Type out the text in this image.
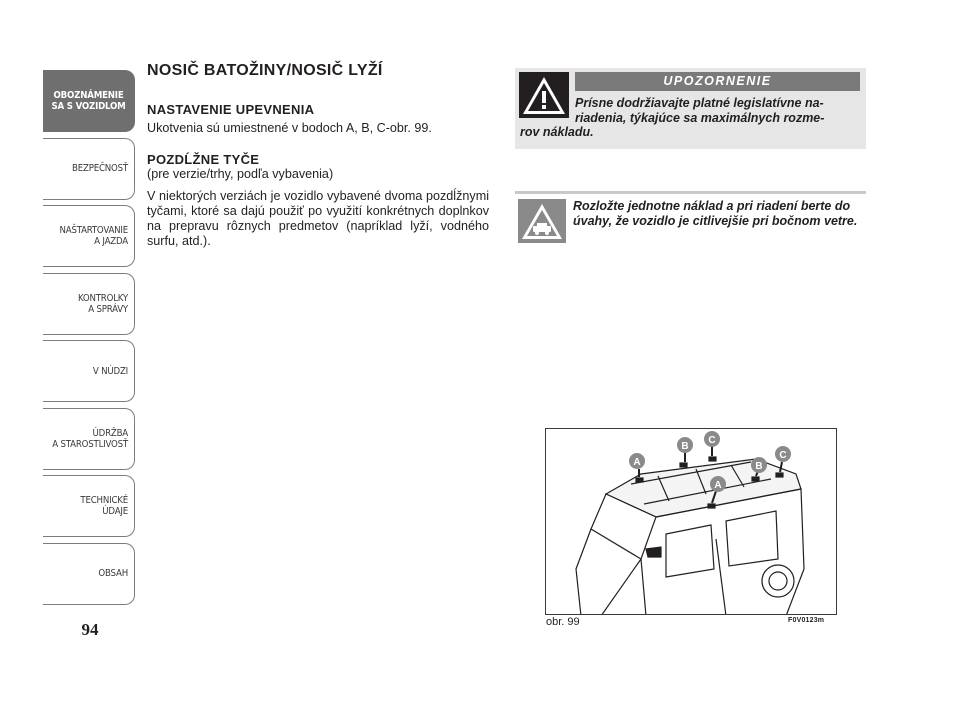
OBOZNÁMENIE
SA S VOZIDLOM
BEZPEČNOSŤ
NAŠTARTOVANIE
A JAZDA
KONTROLKY
A SPRÁVY
V NÚDZI
ÚDRŽBA
A STAROSTLIVOSŤ
TECHNICKÉ
ÚDAJE
OBSAH
94
NOSIČ BATOŽINY/NOSIČ LYŽÍ
NASTAVENIE UPEVNENIA
Ukotvenia sú umiestnené v bodoch A, B, C-obr. 99.
POZDĹŽNE TYČE
(pre verzie/trhy, podľa vybavenia)
V niektorých verziách je vozidlo vybavené dvoma pozdĺžnymi tyčami, ktoré sa dajú použiť po využití konkrétnych doplnkov na prepravu rôznych predmetov (napríklad lyží, vodného surfu, atd.).
UPOZORNENIE
Prísne dodržiavajte platné legislatívne na-
riadenia, týkajúce sa maximálnych rozme-
rov nákladu.
Rozložte jednotne náklad a pri riadení berte do úvahy, že vozidlo je citlivejšie pri bočnom vetre.
A
B
C
A
B
C
obr. 99	F0V0123m
